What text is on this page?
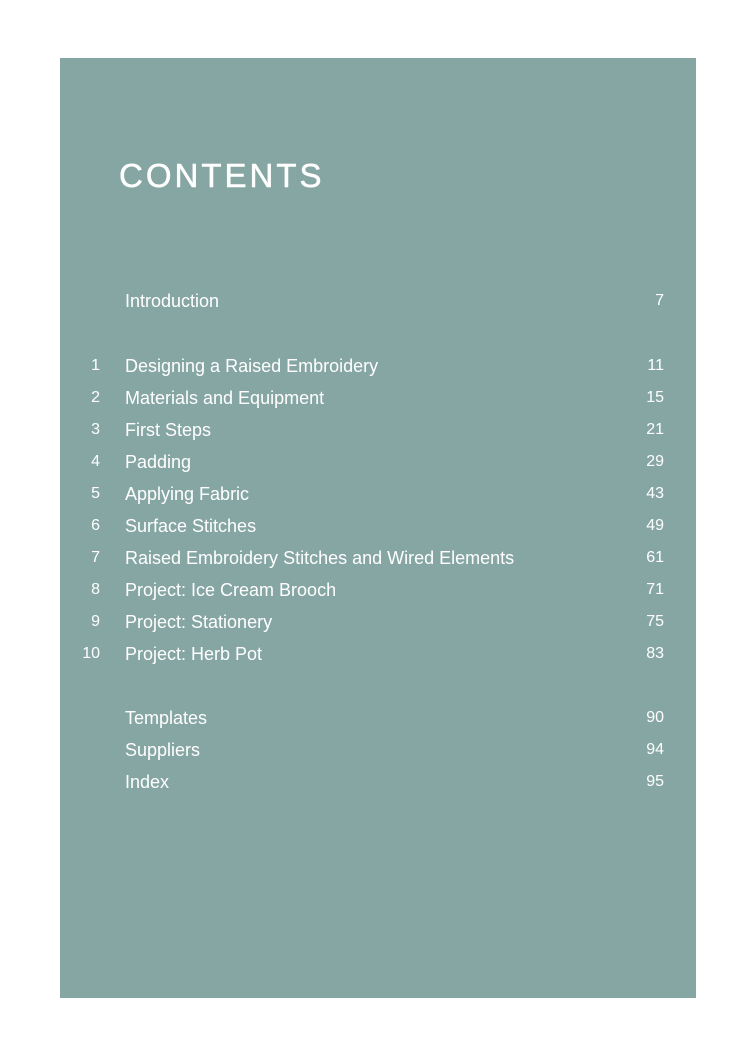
CONTENTS
Introduction	7
1 Designing a Raised Embroidery	11
2 Materials and Equipment	15
3 First Steps	21
4 Padding	29
5 Applying Fabric	43
6 Surface Stitches	49
7 Raised Embroidery Stitches and Wired Elements	61
8 Project: Ice Cream Brooch	71
9 Project: Stationery	75
10 Project: Herb Pot	83
Templates	90
Suppliers	94
Index	95
